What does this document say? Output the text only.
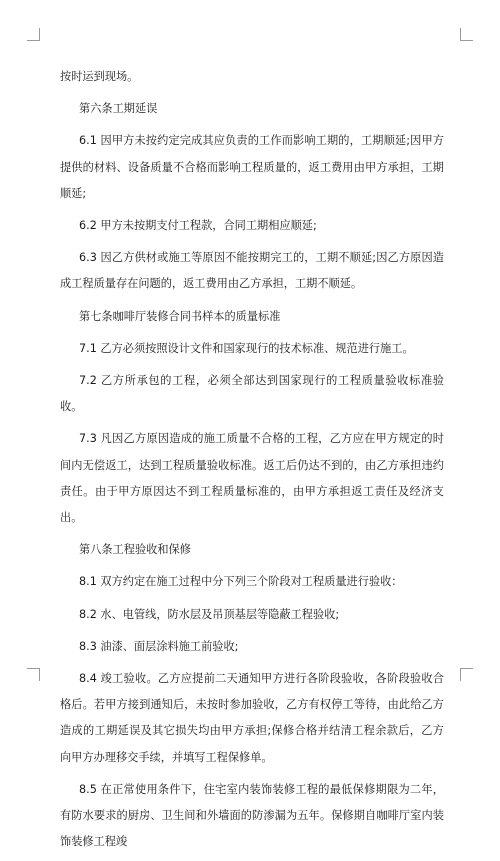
按时运到现场。

第六条工期延误

6.1 因甲方未按约定完成其应负责的工作而影响工期的，工期顺延;因甲方提供的材料、设备质量不合格而影响工程质量的，返工费用由甲方承担，工期顺延;

6.2 甲方未按期支付工程款，合同工期相应顺延;

6.3 因乙方供材或施工等原因不能按期完工的，工期不顺延;因乙方原因造成工程质量存在问题的，返工费用由乙方承担，工期不顺延。

第七条咖啡厅装修合同书样本的质量标准

7.1 乙方必须按照设计文件和国家现行的技术标准、规范进行施工。

7.2 乙方所承包的工程，必须全部达到国家现行的工程质量验收标准验收。

7.3 凡因乙方原因造成的施工质量不合格的工程，乙方应在甲方规定的时间内无偿返工，达到工程质量验收标准。返工后仍达不到的，由乙方承担违约责任。由于甲方原因达不到工程质量标准的，由甲方承担返工责任及经济支出。

第八条工程验收和保修

8.1 双方约定在施工过程中分下列三个阶段对工程质量进行验收：

8.2 水、电管线，防水层及吊顶基层等隐蔽工程验收;

8.3 油漆、面层涂料施工前验收;

8.4 竣工验收。乙方应提前二天通知甲方进行各阶段验收，各阶段验收合格后。若甲方接到通知后，未按时参加验收，乙方有权停工等待，由此给乙方造成的工期延误及其它损失均由甲方承担;保修合格并结清工程余款后，乙方向甲方办理移交手续，并填写工程保修单。

8.5 在正常使用条件下，住宅室内装饰装修工程的最低保修期限为二年，有防水要求的厨房、卫生间和外墙面的防渗漏为五年。保修期自咖啡厅室内装饰装修工程竣
